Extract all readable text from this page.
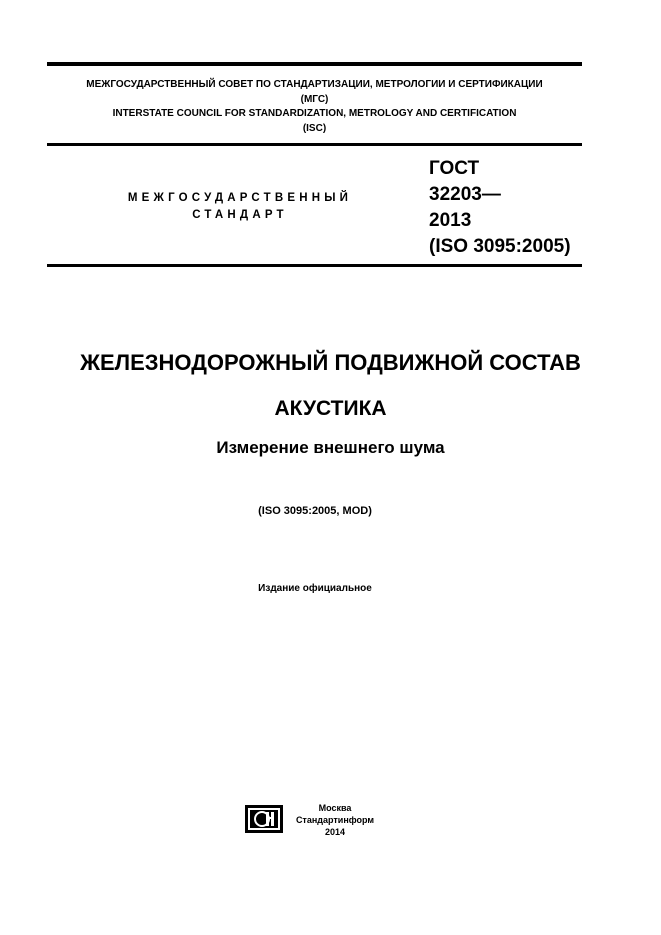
МЕЖГОСУДАРСТВЕННЫЙ СОВЕТ ПО СТАНДАРТИЗАЦИИ, МЕТРОЛОГИИ И СЕРТИФИКАЦИИ
(МГС)
INTERSTATE COUNCIL FOR STANDARDIZATION, METROLOGY AND CERTIFICATION
(ISC)
МЕЖГОСУДАРСТВЕННЫЙ
СТАНДАРТ
ГОСТ
32203—
2013
(ISO 3095:2005)
ЖЕЛЕЗНОДОРОЖНЫЙ ПОДВИЖНОЙ СОСТАВ
АКУСТИКА
Измерение внешнего шума
(ISO 3095:2005, MOD)
Издание официальное
Москва
Стандартинформ
2014
